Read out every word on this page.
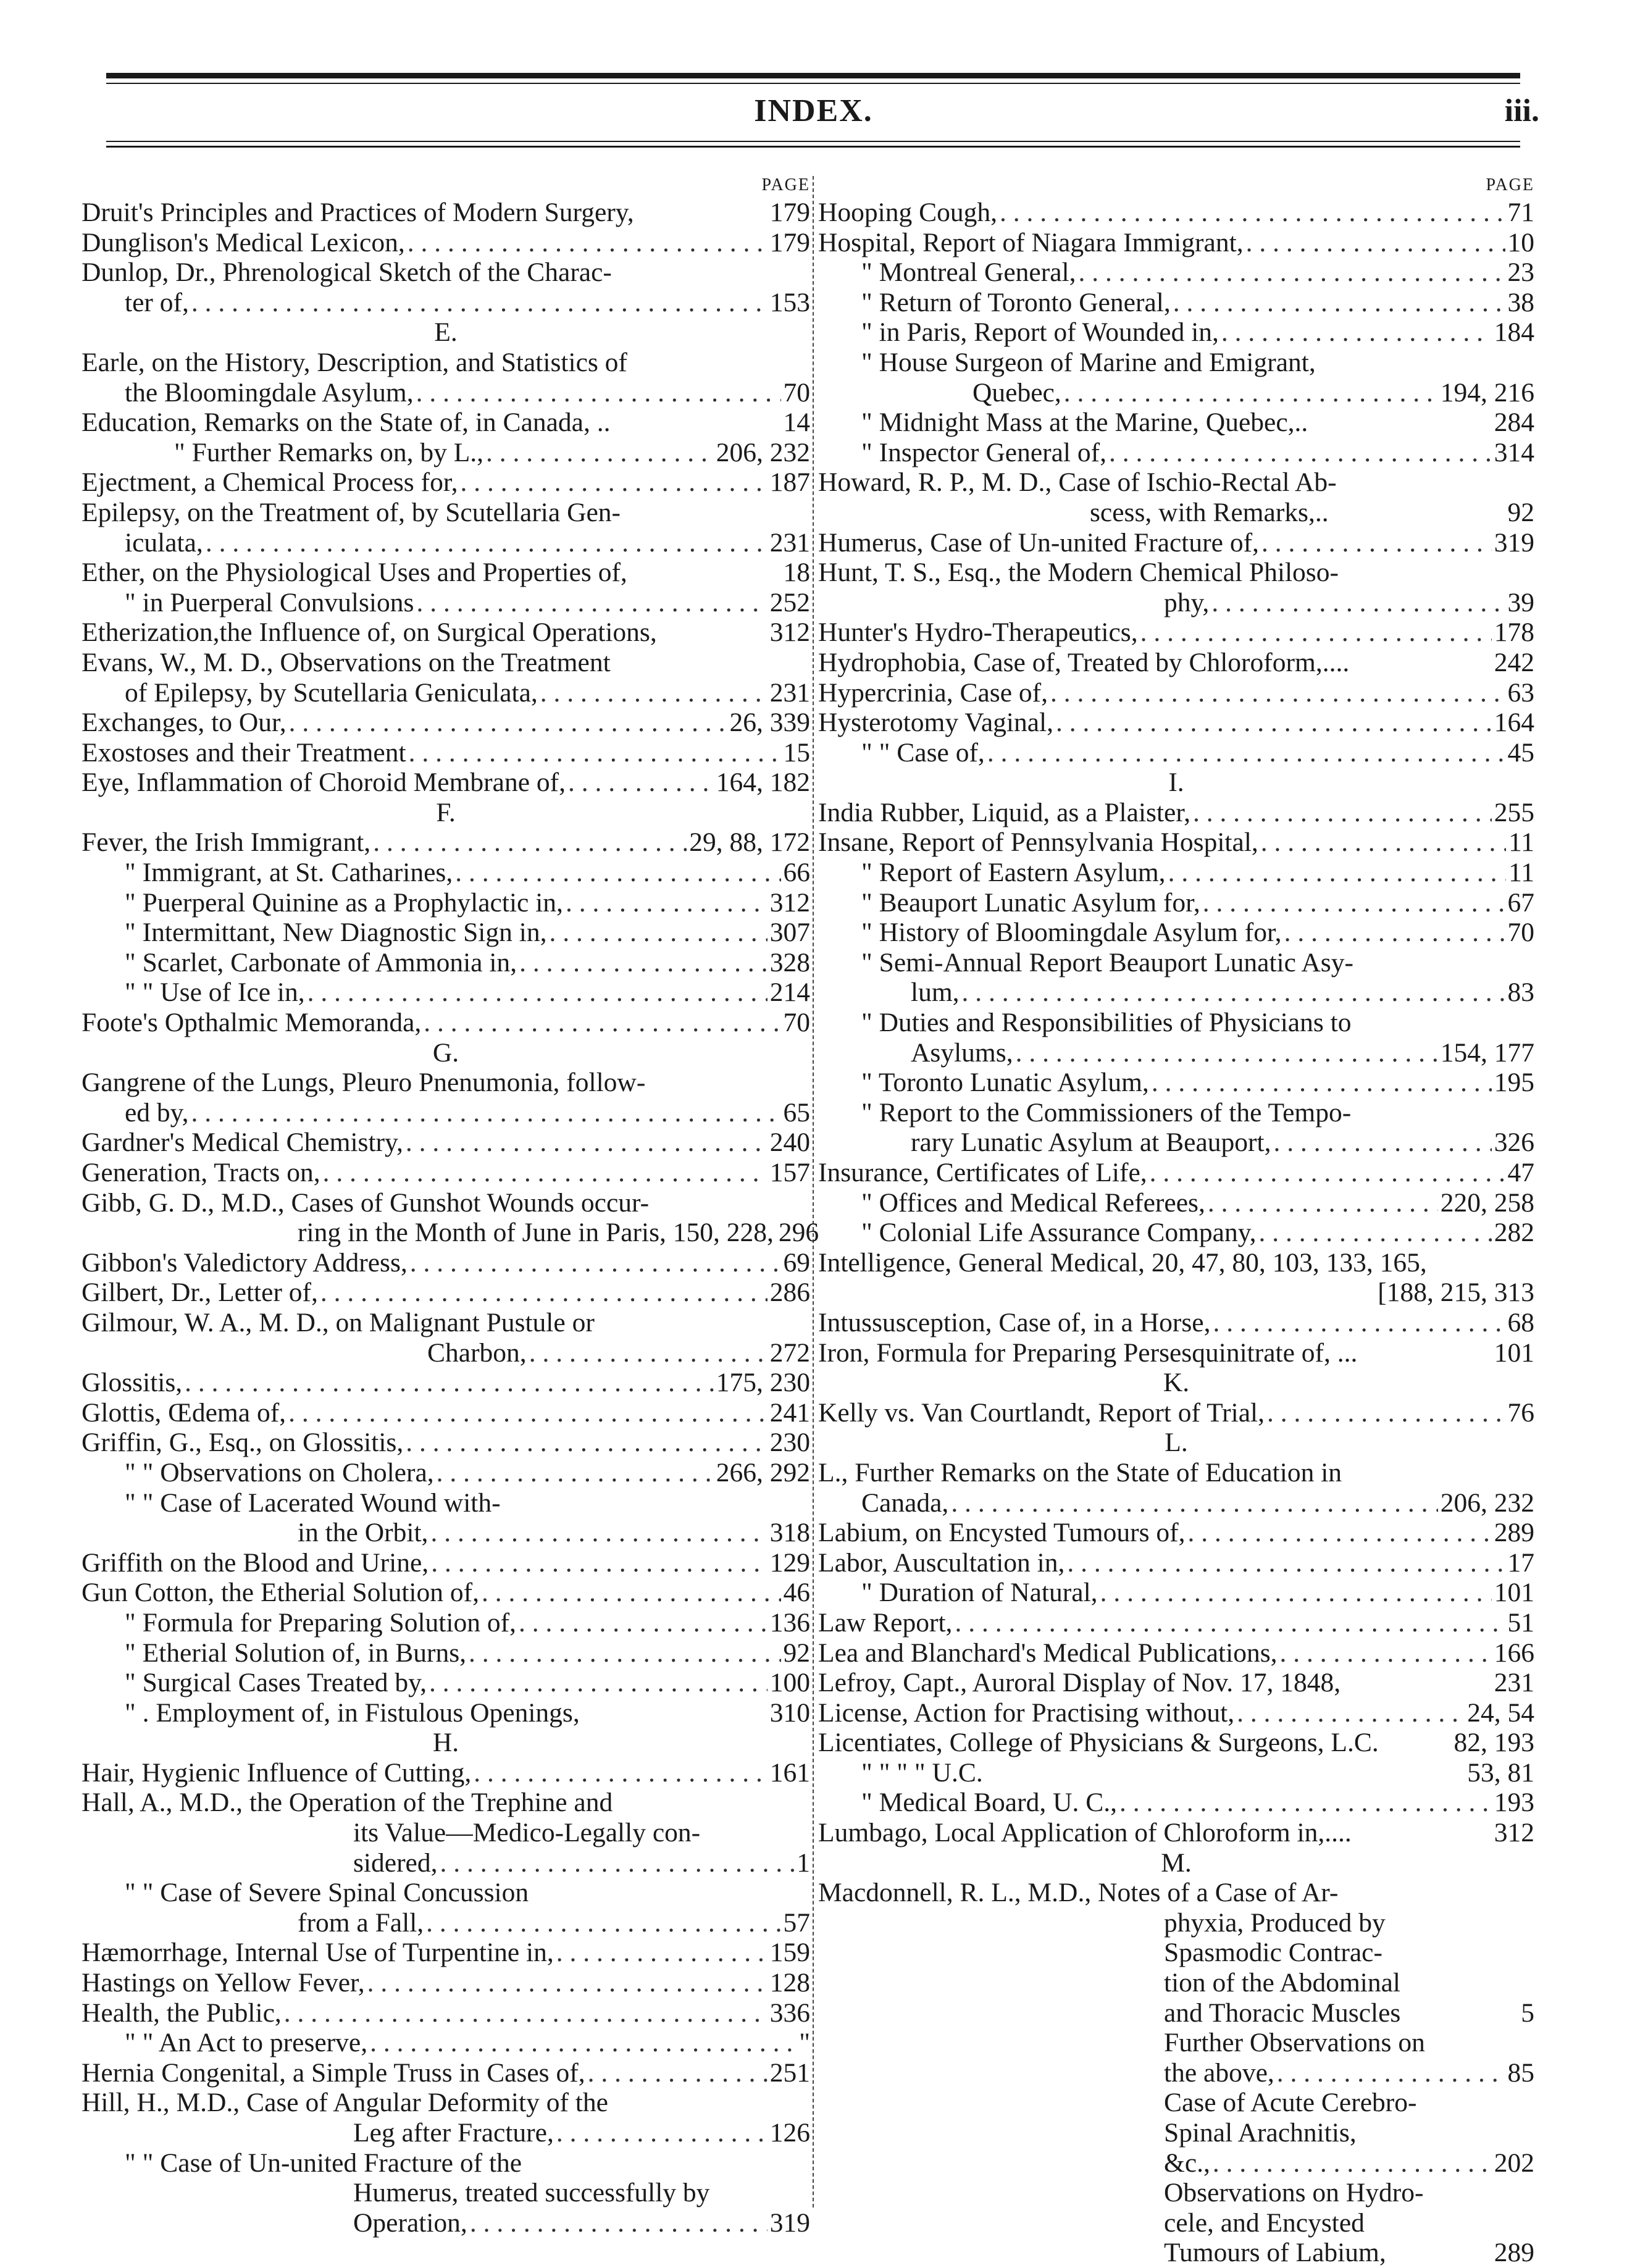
INDEX.	iii.
PAGE
Druit's Principles and Practices of Modern Surgery,	179
Dunglison's Medical Lexicon, . . .	179
Dunlop, Dr., Phrenological Sketch of the Charac-
ter of, . . .	153
E.
Earle, on the History, Description, and Statistics of
the Bloomingdale Asylum, . . .	70
Education, Remarks on the State of, in Canada, ..	14
" Further Remarks on, by L., . . .	206, 232
Ejectment, a Chemical Process for, . . .	187
Epilepsy, on the Treatment of, by Scutellaria Gen-
iculata, . . .	231
Ether, on the Physiological Uses and Properties of,	18
" in Puerperal Convulsions . . .	252
Etherization,the Influence of, on Surgical Operations,	312
Evans, W., M. D., Observations on the Treatment
of Epilepsy, by Scutellaria Geniculata, . . .	231
Exchanges, to Our, . . .	26, 339
Exostoses and their Treatment . . .	15
Eye, Inflammation of Choroid Membrane of, . . .	164, 182
F.
Fever, the Irish Immigrant, . . .	29, 88, 172
" Immigrant, at St. Catharines, . . .	66
" Puerperal Quinine as a Prophylactic in, . . .	312
" Intermittant, New Diagnostic Sign in, . . .	307
" Scarlet, Carbonate of Ammonia in, . . .	328
" " Use of Ice in, . . .	214
Foote's Opthalmic Memoranda, . . .	70
G.
Gangrene of the Lungs, Pleuro Pnenumonia, follow-
ed by, . . .	65
Gardner's Medical Chemistry, . . .	240
Generation, Tracts on, . . .	157
Gibb, G. D., M.D., Cases of Gunshot Wounds occur-
ring in the Month of June in Paris, 150, 228, 296
Gibbon's Valedictory Address, . . .	69
Gilbert, Dr., Letter of, . . .	286
Gilmour, W. A., M. D., on Malignant Pustule or
Charbon, . . .	272
Glossitis, . . .	175, 230
Glottis, Œdema of, . . .	241
Griffin, G., Esq., on Glossitis, . . .	230
" " Observations on Cholera, . . .	266, 292
" " Case of Lacerated Wound with-
in the Orbit, . . .	318
Griffith on the Blood and Urine, . . .	129
Gun Cotton, the Etherial Solution of, . . .	46
" Formula for Preparing Solution of, . . .	136
" Etherial Solution of, in Burns, . . .	92
" Surgical Cases Treated by, . . .	100
" . Employment of, in Fistulous Openings,	310
H.
Hair, Hygienic Influence of Cutting, . . .	161
Hall, A., M.D., the Operation of the Trephine and
its Value—Medico-Legally con-
sidered, . . .	1
" " Case of Severe Spinal Concussion
from a Fall, . . .	57
Hæmorrhage, Internal Use of Turpentine in, . . .	159
Hastings on Yellow Fever, . . .	128
Health, the Public, . . .	336
" " An Act to preserve, . . .	"
Hernia Congenital, a Simple Truss in Cases of, . . .	251
Hill, H., M.D., Case of Angular Deformity of the
Leg after Fracture, . . .	126
" " Case of Un-united Fracture of the
Humerus, treated successfully by
Operation, . . .	319
PAGE
Hooping Cough, . . .	71
Hospital, Report of Niagara Immigrant, . . .	10
" Montreal General, . . .	23
" Return of Toronto General, . . .	38
" in Paris, Report of Wounded in, . . .	184
" House Surgeon of Marine and Emigrant,
Quebec, . . .	194, 216
" Midnight Mass at the Marine, Quebec,..	284
" Inspector General of, . . .	314
Howard, R. P., M. D., Case of Ischio-Rectal Ab-
scess, with Remarks,..	92
Humerus, Case of Un-united Fracture of, . . .	319
Hunt, T. S., Esq., the Modern Chemical Philoso-
phy, . . .	39
Hunter's Hydro-Therapeutics, . . .	178
Hydrophobia, Case of, Treated by Chloroform,....	242
Hypercrinia, Case of, . . .	63
Hysterotomy Vaginal, . . .	164
" " Case of, . . .	45
I.
India Rubber, Liquid, as a Plaister, . . .	255
Insane, Report of Pennsylvania Hospital, . . .	11
" Report of Eastern Asylum, . . .	11
" Beauport Lunatic Asylum for, . . .	67
" History of Bloomingdale Asylum for, . . .	70
" Semi-Annual Report Beauport Lunatic Asy-
lum, . . .	83
" Duties and Responsibilities of Physicians to
Asylums, . . .	154, 177
" Toronto Lunatic Asylum, . . .	195
" Report to the Commissioners of the Tempo-
rary Lunatic Asylum at Beauport, . . .	326
Insurance, Certificates of Life, . . .	47
" Offices and Medical Referees, . . .	220, 258
" Colonial Life Assurance Company, . . .	282
Intelligence, General Medical, 20, 47, 80, 103, 133, 165,
[188, 215, 313
Intussusception, Case of, in a Horse, . . .	68
Iron, Formula for Preparing Persesquinitrate of, ...	101
K.
Kelly vs. Van Courtlandt, Report of Trial, . . .	76
L.
L., Further Remarks on the State of Education in
Canada, . . .	206, 232
Labium, on Encysted Tumours of, . . .	289
Labor, Auscultation in, . . .	17
" Duration of Natural, . . .	101
Law Report, . . .	51
Lea and Blanchard's Medical Publications, . . .	166
Lefroy, Capt., Auroral Display of Nov. 17, 1848,	231
License, Action for Practising without, . . .	24, 54
Licentiates, College of Physicians & Surgeons, L.C.	82, 193
" " " " U.C.	53, 81
" Medical Board, U. C., . . .	193
Lumbago, Local Application of Chloroform in,....	312
M.
Macdonnell, R. L., M.D., Notes of a Case of Ar-
phyxia, Produced by
Spasmodic Contrac-
tion of the Abdominal
and Thoracic Muscles	5
Further Observations on
the above, . . .	85
Case of Acute Cerebro-
Spinal Arachnitis,
&c., . . .	202
Observations on Hydro-
cele, and Encysted
Tumours of Labium,	289
